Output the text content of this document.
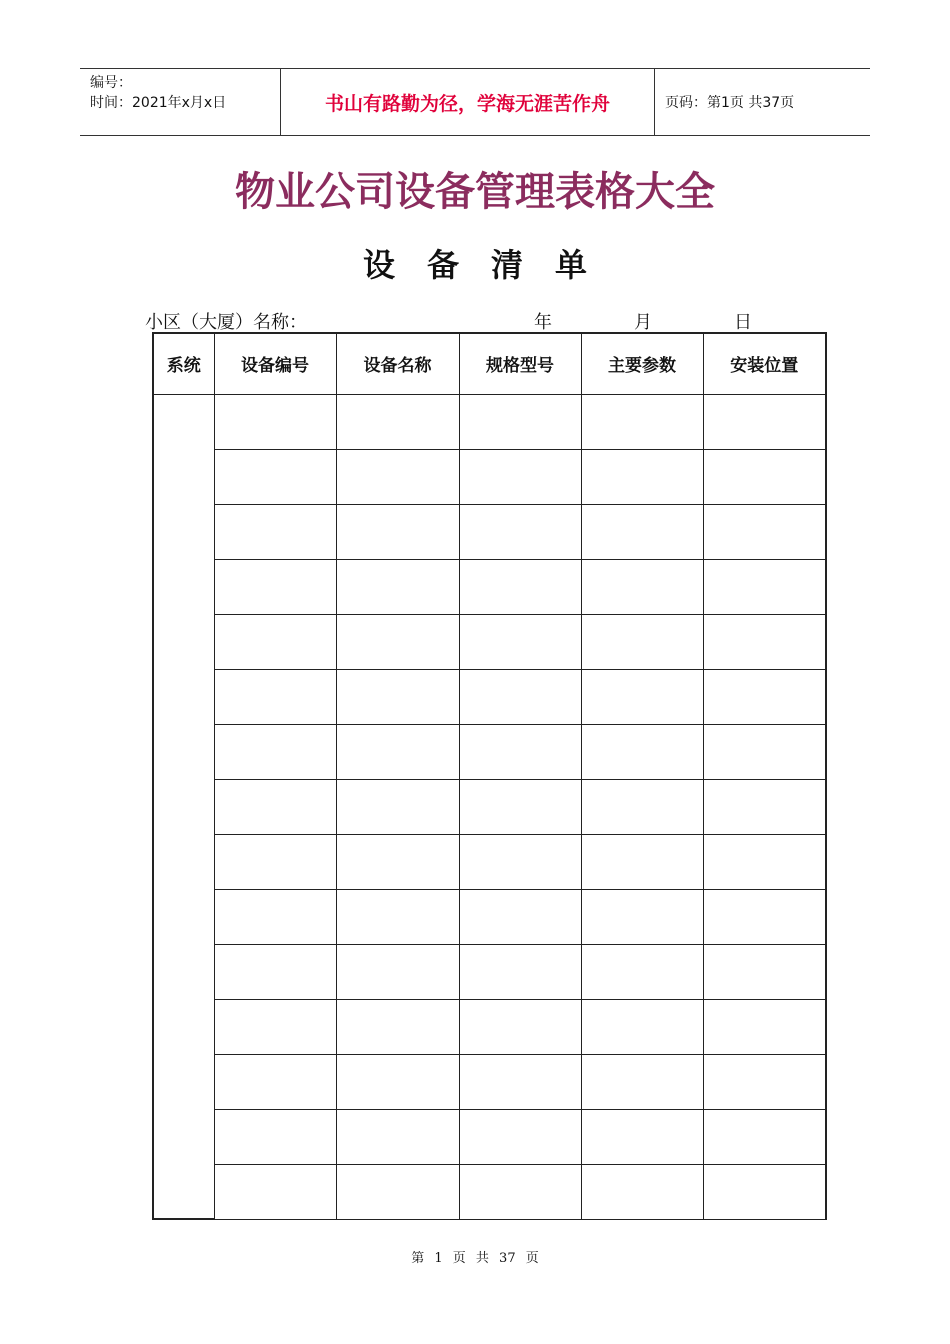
编号：
时间：2021年x月x日	书山有路勤为径，学海无涯苦作舟	页码：第1页 共37页
物业公司设备管理表格大全
设备清单
小区（大厦）名称：	年	月	日
系统	设备编号	设备名称	规格型号	主要参数	安装位置

第 1 页 共 37 页
